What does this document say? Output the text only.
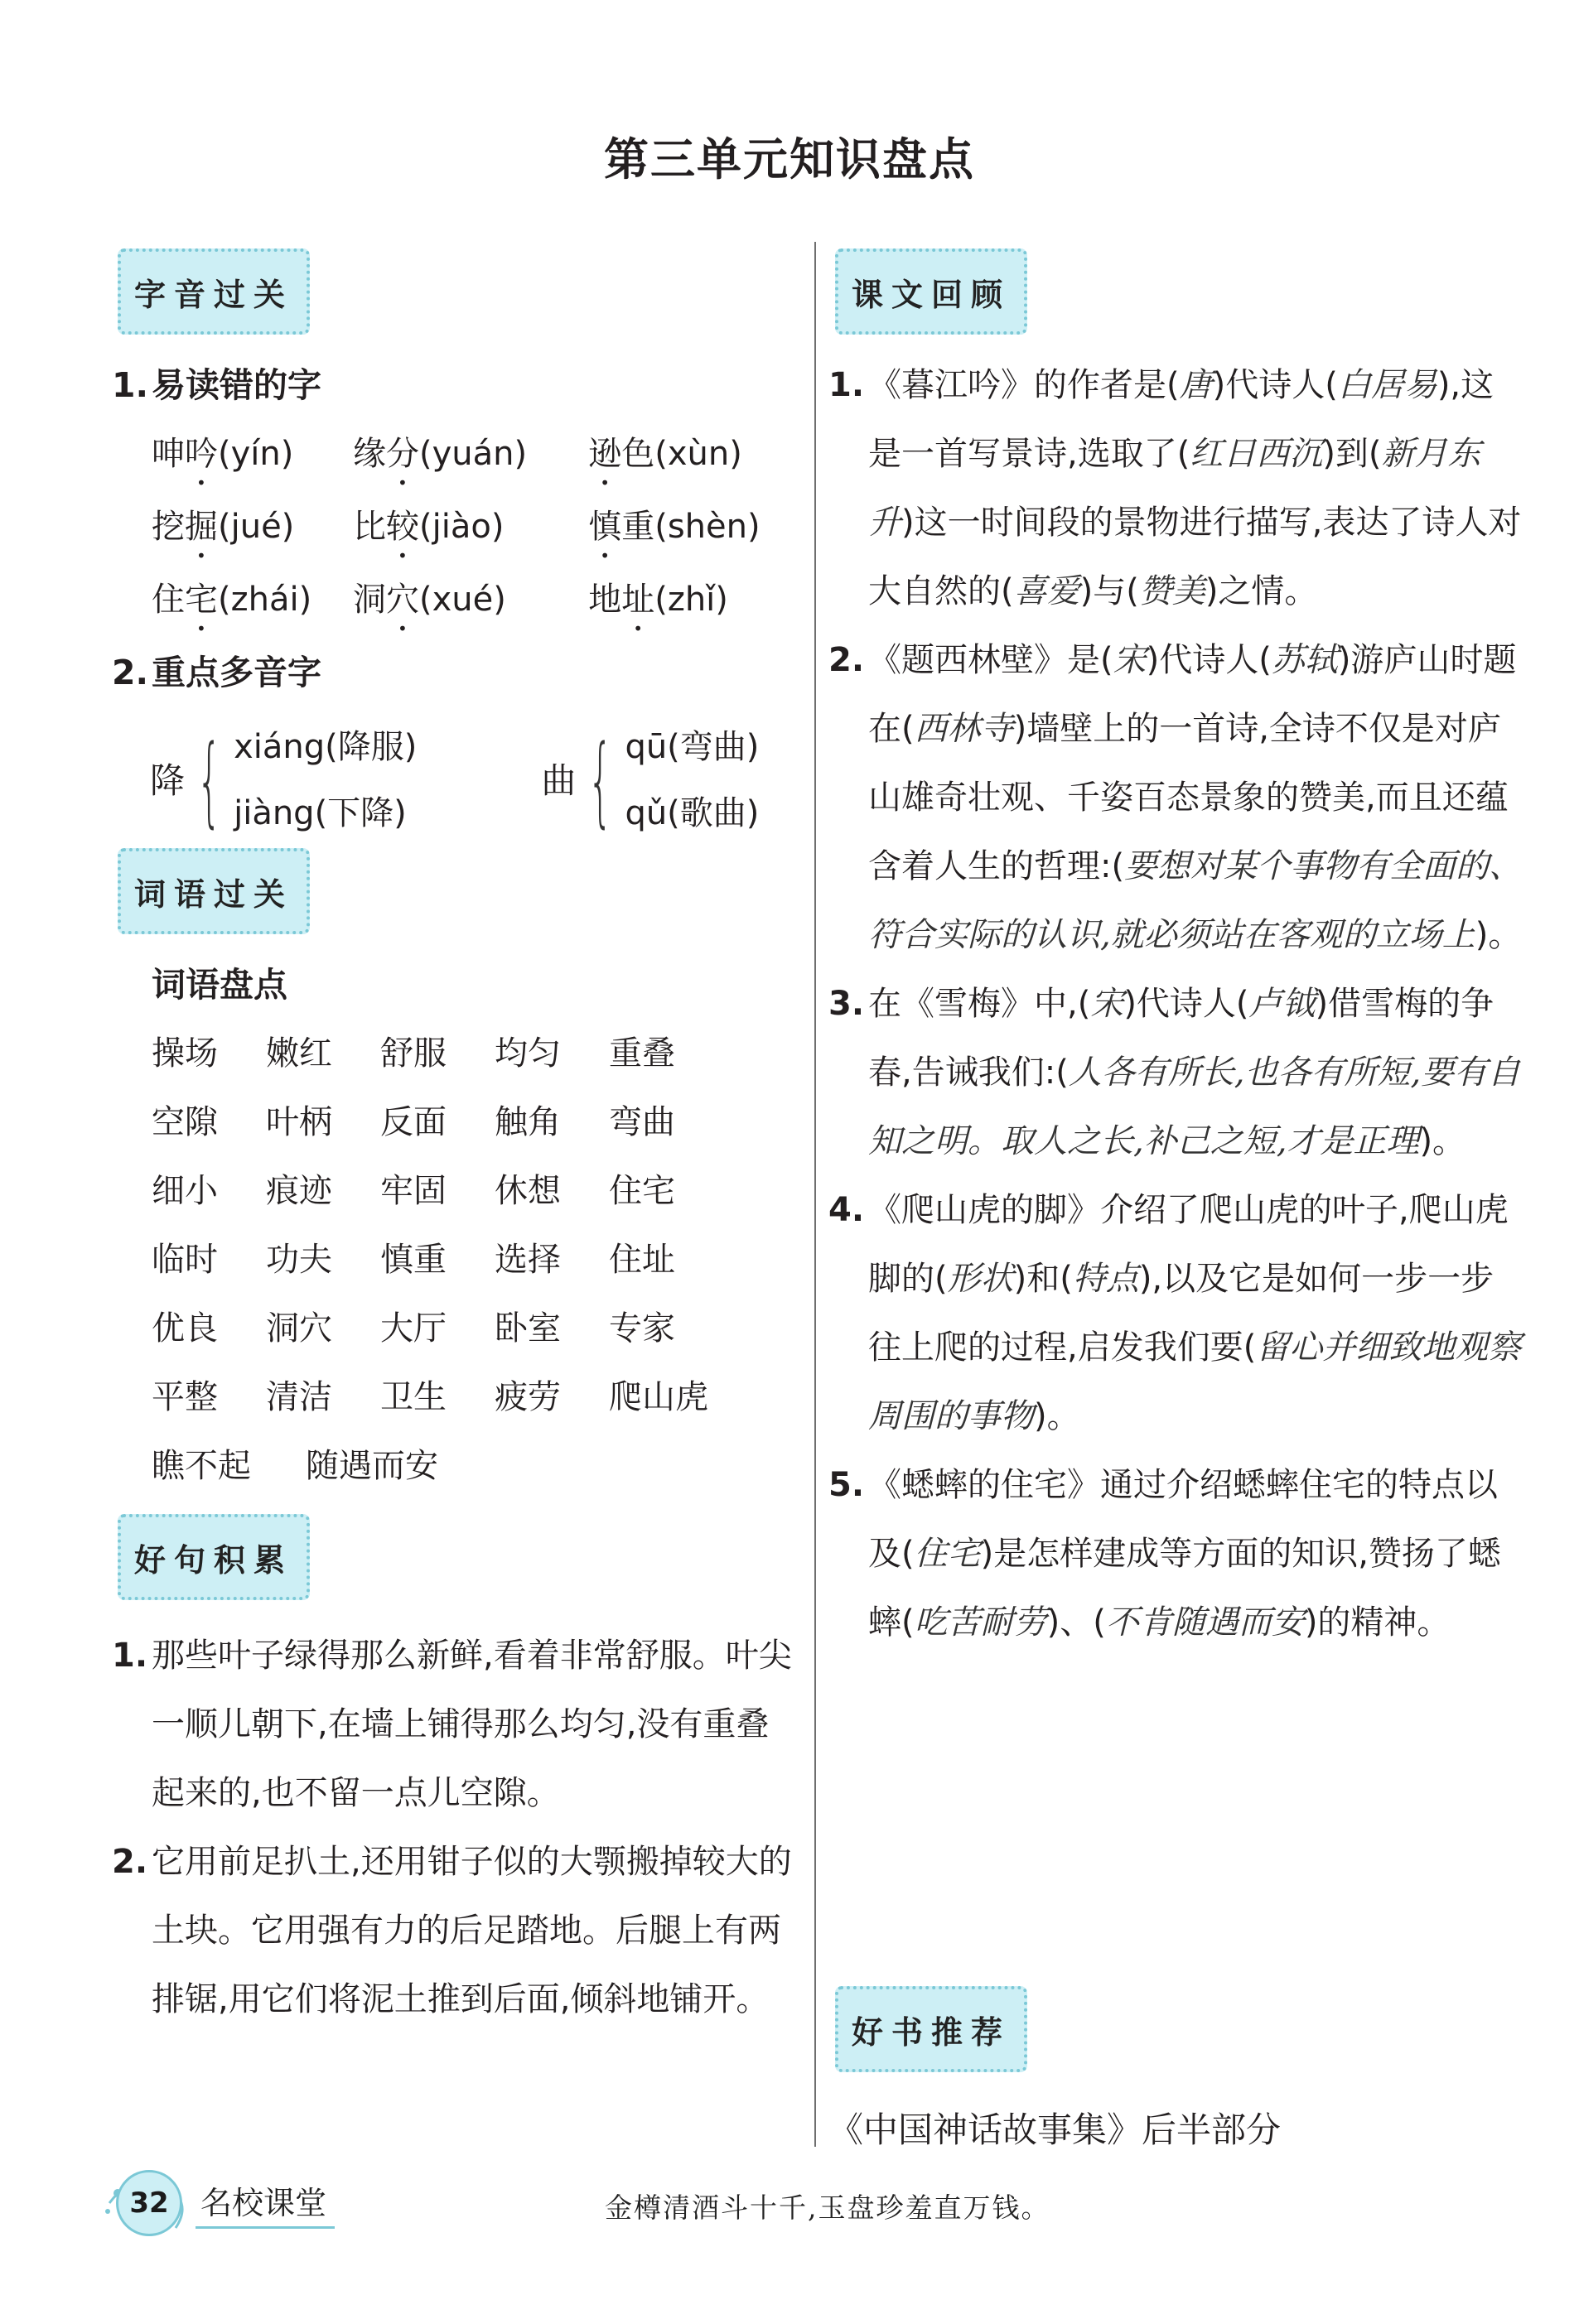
第三单元知识盘点
字音过关
1. 易读错的字
呻吟(yín)	缘分(yuán)	逊色(xùn)
挖掘(jué)	比较(jiào)	慎重(shèn)
住宅(zhái)	洞穴(xué)	地址(zhǐ)
2. 重点多音字
降 { xiáng(降服)
jiàng(下降)
曲 { qū(弯曲)
qǔ(歌曲)
词语过关
词语盘点
操场	嫩红	舒服	均匀	重叠
空隙	叶柄	反面	触角	弯曲
细小	痕迹	牢固	休想	住宅
临时	功夫	慎重	选择	住址
优良	洞穴	大厅	卧室	专家
平整	清洁	卫生	疲劳	爬山虎
瞧不起	随遇而安
好句积累
1. 那些叶子绿得那么新鲜,看着非常舒服。叶尖一顺儿朝下,在墙上铺得那么均匀,没有重叠起来的,也不留一点儿空隙。
2. 它用前足扒土,还用钳子似的大颚搬掉较大的土块。它用强有力的后足踏地。后腿上有两排锯,用它们将泥土推到后面,倾斜地铺开。
课文回顾
1. 《暮江吟》的作者是(唐)代诗人(白居易),这是一首写景诗,选取了(红日西沉)到(新月东升)这一时间段的景物进行描写,表达了诗人对大自然的(喜爱)与(赞美)之情。
2. 《题西林壁》是(宋)代诗人(苏轼)游庐山时题在(西林寺)墙壁上的一首诗,全诗不仅是对庐山雄奇壮观、千姿百态景象的赞美,而且还蕴含着人生的哲理:(要想对某个事物有全面的、符合实际的认识,就必须站在客观的立场上)。
3. 在《雪梅》中,(宋)代诗人(卢钺)借雪梅的争春,告诫我们:(人各有所长,也各有所短,要有自知之明。取人之长,补己之短,才是正理)。
4. 《爬山虎的脚》介绍了爬山虎的叶子,爬山虎脚的(形状)和(特点),以及它是如何一步一步往上爬的过程,启发我们要(留心并细致地观察周围的事物)。
5. 《蟋蟀的住宅》通过介绍蟋蟀住宅的特点以及(住宅)是怎样建成等方面的知识,赞扬了蟋蟀(吃苦耐劳)、(不肯随遇而安)的精神。
好书推荐
《中国神话故事集》后半部分
32	名校课堂	金樽清酒斗十千,玉盘珍羞直万钱。
